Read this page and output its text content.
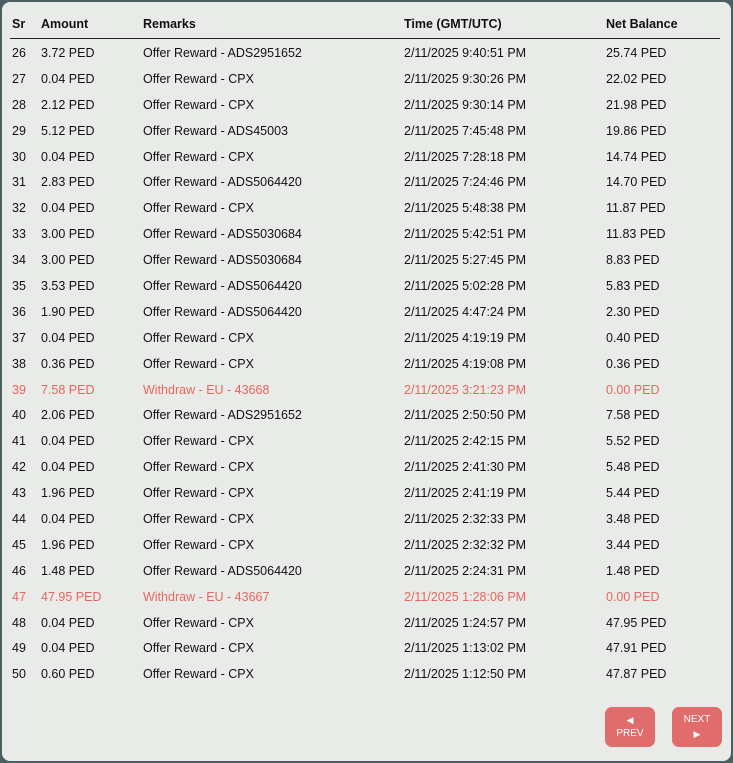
Sr	Amount	Remarks	Time (GMT/UTC)	Net Balance
26	3.72 PED	Offer Reward - ADS2951652	2/11/2025 9:40:51 PM	25.74 PED
27	0.04 PED	Offer Reward - CPX	2/11/2025 9:30:26 PM	22.02 PED
28	2.12 PED	Offer Reward - CPX	2/11/2025 9:30:14 PM	21.98 PED
29	5.12 PED	Offer Reward - ADS45003	2/11/2025 7:45:48 PM	19.86 PED
30	0.04 PED	Offer Reward - CPX	2/11/2025 7:28:18 PM	14.74 PED
31	2.83 PED	Offer Reward - ADS5064420	2/11/2025 7:24:46 PM	14.70 PED
32	0.04 PED	Offer Reward - CPX	2/11/2025 5:48:38 PM	11.87 PED
33	3.00 PED	Offer Reward - ADS5030684	2/11/2025 5:42:51 PM	11.83 PED
34	3.00 PED	Offer Reward - ADS5030684	2/11/2025 5:27:45 PM	8.83 PED
35	3.53 PED	Offer Reward - ADS5064420	2/11/2025 5:02:28 PM	5.83 PED
36	1.90 PED	Offer Reward - ADS5064420	2/11/2025 4:47:24 PM	2.30 PED
37	0.04 PED	Offer Reward - CPX	2/11/2025 4:19:19 PM	0.40 PED
38	0.36 PED	Offer Reward - CPX	2/11/2025 4:19:08 PM	0.36 PED
39	7.58 PED	Withdraw - EU - 43668	2/11/2025 3:21:23 PM	0.00 PED
40	2.06 PED	Offer Reward - ADS2951652	2/11/2025 2:50:50 PM	7.58 PED
41	0.04 PED	Offer Reward - CPX	2/11/2025 2:42:15 PM	5.52 PED
42	0.04 PED	Offer Reward - CPX	2/11/2025 2:41:30 PM	5.48 PED
43	1.96 PED	Offer Reward - CPX	2/11/2025 2:41:19 PM	5.44 PED
44	0.04 PED	Offer Reward - CPX	2/11/2025 2:32:33 PM	3.48 PED
45	1.96 PED	Offer Reward - CPX	2/11/2025 2:32:32 PM	3.44 PED
46	1.48 PED	Offer Reward - ADS5064420	2/11/2025 2:24:31 PM	1.48 PED
47	47.95 PED	Withdraw - EU - 43667	2/11/2025 1:28:06 PM	0.00 PED
48	0.04 PED	Offer Reward - CPX	2/11/2025 1:24:57 PM	47.95 PED
49	0.04 PED	Offer Reward - CPX	2/11/2025 1:13:02 PM	47.91 PED
50	0.60 PED	Offer Reward - CPX	2/11/2025 1:12:50 PM	47.87 PED
◀
PREV
NEXT
▶
